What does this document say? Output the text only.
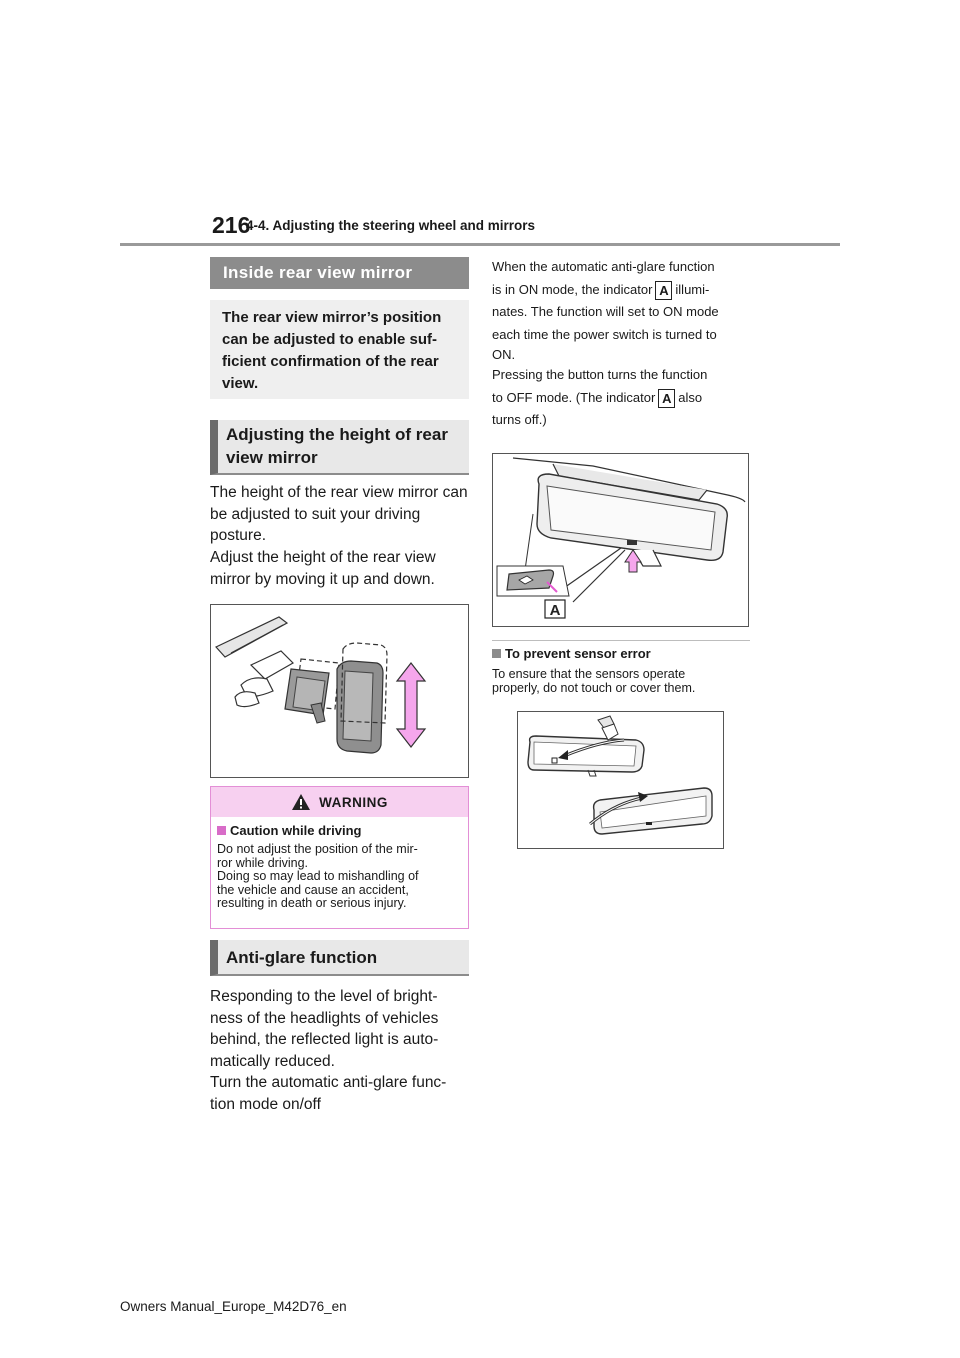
216
4-4. Adjusting the steering wheel and mirrors
Inside rear view mirror
The rear view mirror’s position can be adjusted to enable suf-ficient confirmation of the rear view.
Adjusting the height of rear view mirror
The height of the rear view mirror can be adjusted to suit your driving posture.
Adjust the height of the rear view mirror by moving it up and down.
WARNING
Caution while driving
Do not adjust the position of the mir-
ror while driving.
Doing so may lead to mishandling of
the vehicle and cause an accident,
resulting in death or serious injury.
Anti-glare function
Responding to the level of bright-
ness of the headlights of vehicles
behind, the reflected light is auto-
matically reduced.
Turn the automatic anti-glare func-
tion mode on/off
When the automatic anti-glare function
is in ON mode, the indicator A illumi-
nates. The function will set to ON mode
each time the power switch is turned to
ON.
Pressing the button turns the function
to OFF mode. (The indicator A also
turns off.)
A
To prevent sensor error
To ensure that the sensors operate
properly, do not touch or cover them.
Owners Manual_Europe_M42D76_en
